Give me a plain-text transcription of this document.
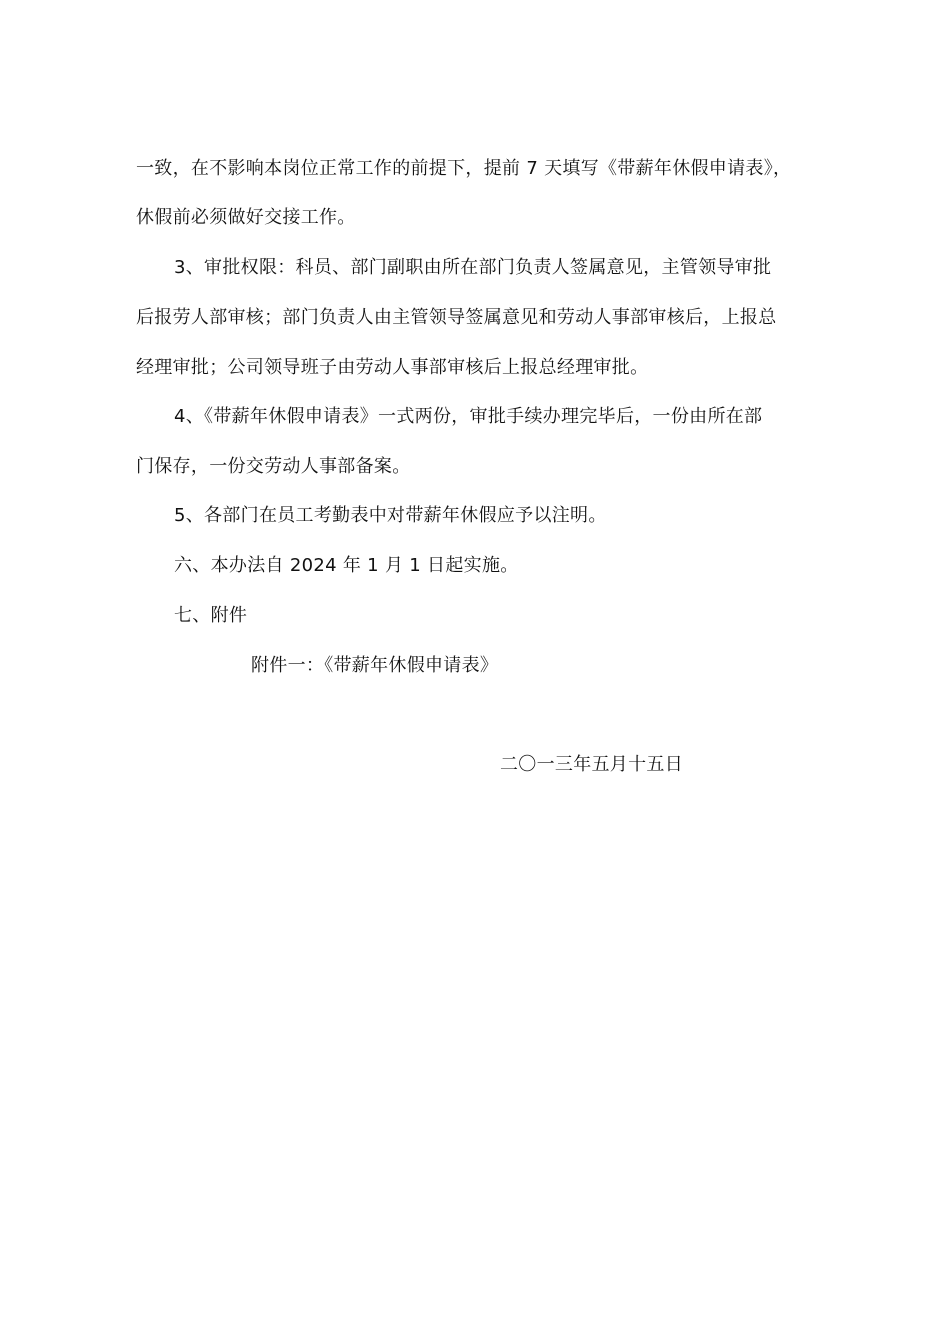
一致，在不影响本岗位正常工作的前提下，提前 7 天填写《带薪年休假申请表》，
休假前必须做好交接工作。
3、审批权限：科员、部门副职由所在部门负责人签属意见，主管领导审批
后报劳人部审核；部门负责人由主管领导签属意见和劳动人事部审核后，上报总
经理审批；公司领导班子由劳动人事部审核后上报总经理审批。
4、《带薪年休假申请表》一式两份，审批手续办理完毕后，一份由所在部
门保存，一份交劳动人事部备案。
5、各部门在员工考勤表中对带薪年休假应予以注明。
六、本办法自 2024 年 1 月 1 日起实施。
七、附件
附件一：《带薪年休假申请表》
二〇一三年五月十五日
